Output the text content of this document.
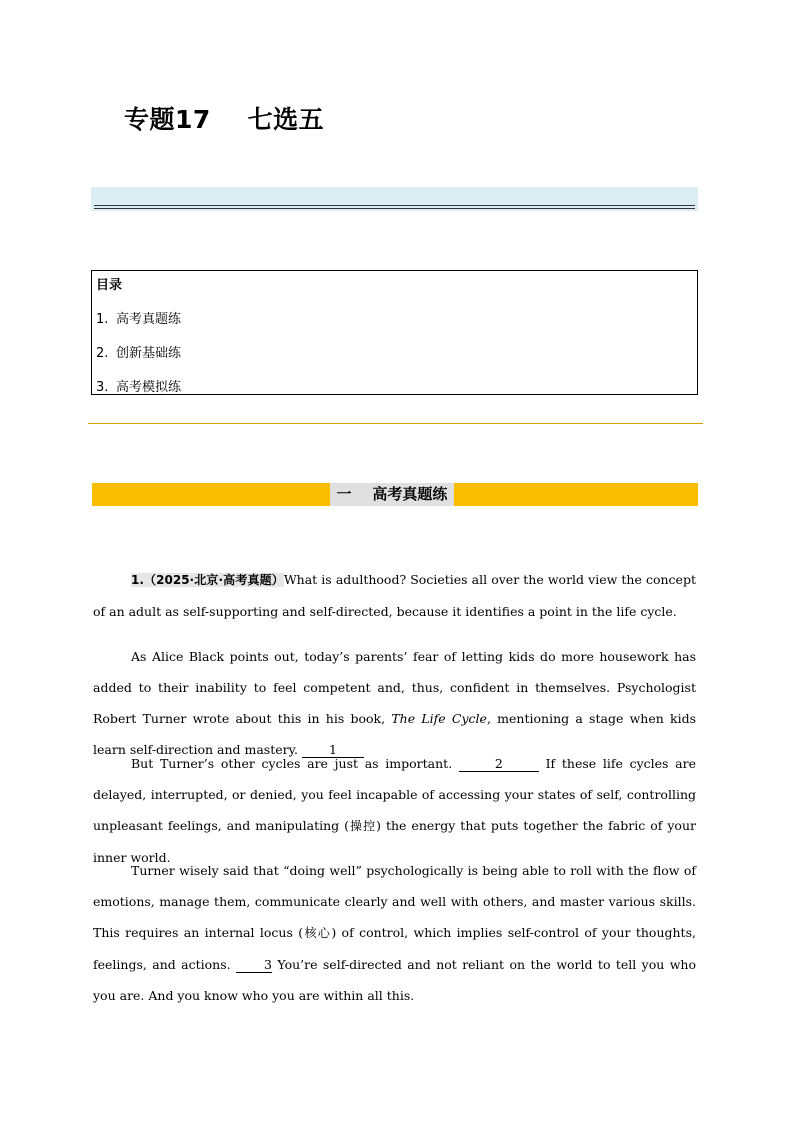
专题17    七选五
目录
1. 高考真题练
2. 创新基础练
3. 高考模拟练
一    高考真题练
1.（2025·北京·高考真题）What is adulthood? Societies all over the world view the concept of an adult as self-supporting and self-directed, because it identifies a point in the life cycle.
As Alice Black points out, today’s parents’ fear of letting kids do more housework has added to their inability to feel competent and, thus, confident in themselves. Psychologist Robert Turner wrote about this in his book, The Life Cycle, mentioning a stage when kids learn self-direction and mastery. 1
But Turner’s other cycles are just as important.	2	If these life cycles are delayed, interrupted, or denied, you feel incapable of accessing your states of self, controlling unpleasant feelings, and manipulating (操控) the energy that puts together the fabric of your inner world.
Turner wisely said that “doing well” psychologically is being able to roll with the flow of emotions, manage them, communicate clearly and well with others, and master various skills. This requires an internal locus (核心) of control, which implies self-control of your thoughts, feelings, and actions. 3 You’re self-directed and not reliant on the world to tell you who you are. And you know who you are within all this.
